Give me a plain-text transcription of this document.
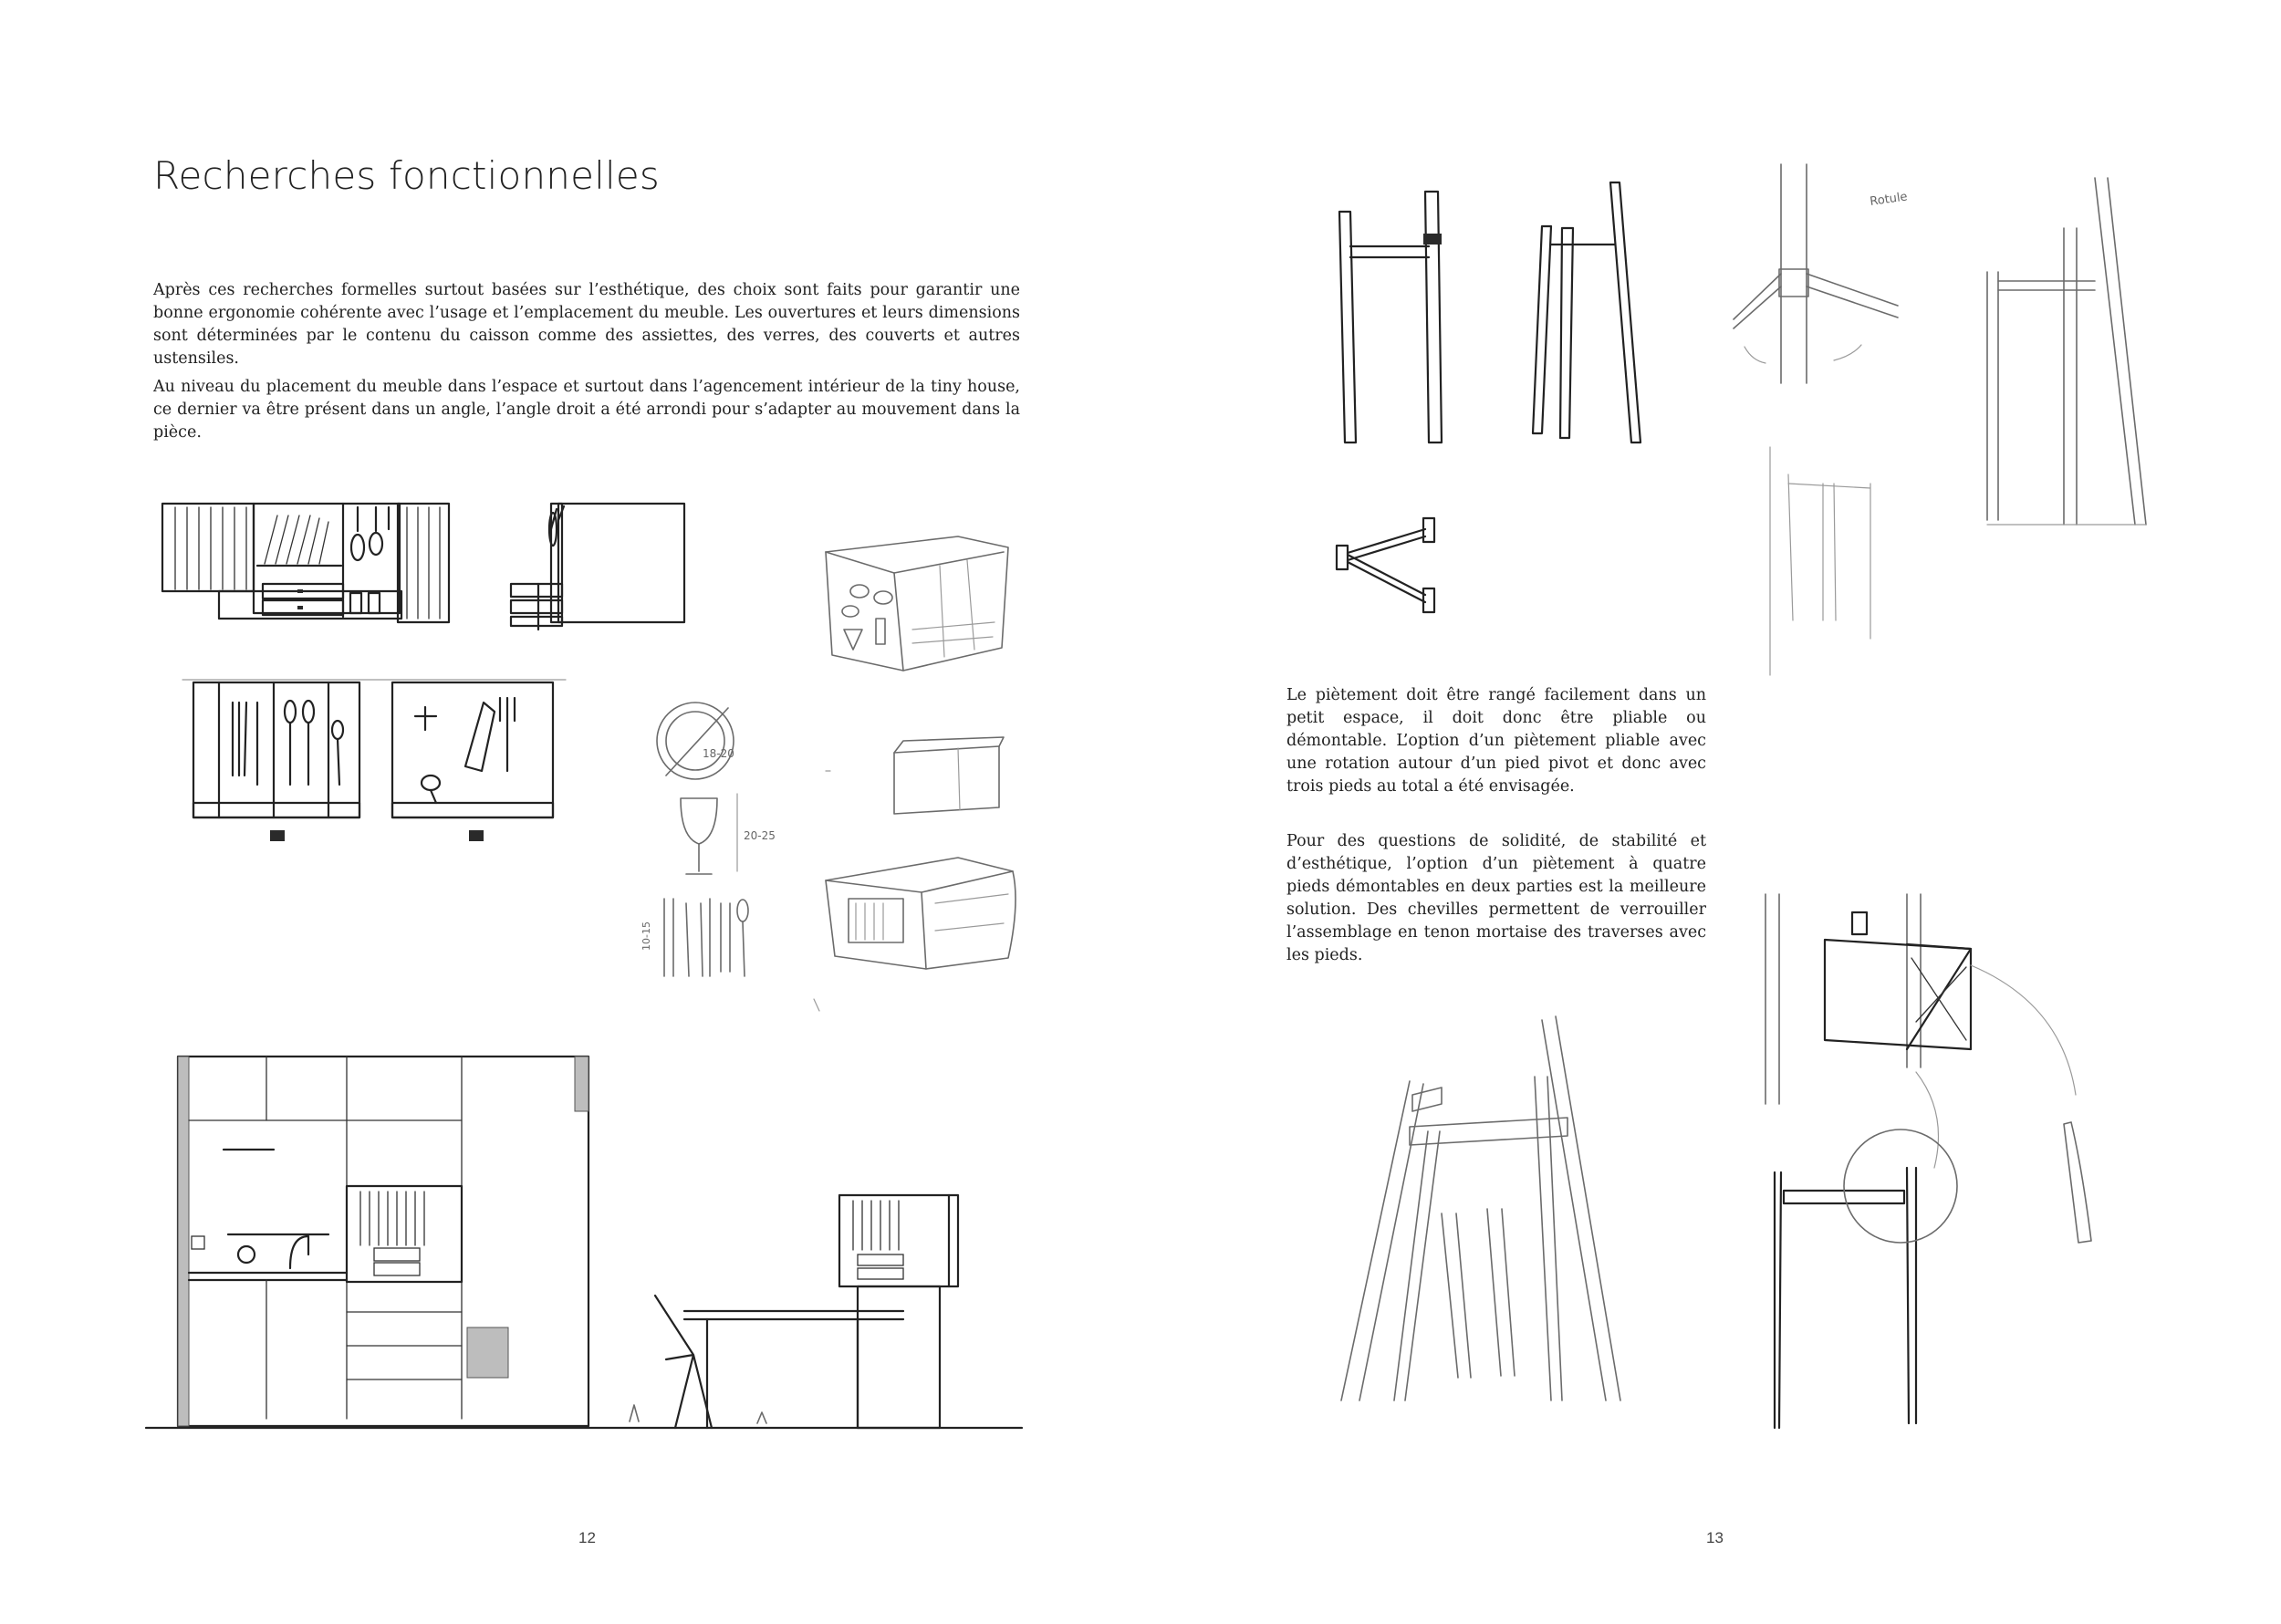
Recherches fonctionnelles
Après ces recherches formelles surtout basées sur l’esthétique, des choix sont faits pour garantir une bonne ergonomie cohérente avec l’usage et l’emplacement du meuble. Les ouvertures et leurs dimensions sont déterminées par le contenu du caisson comme des assiettes, des verres, des couverts et autres ustensiles.
Au niveau du placement du meuble dans l’espace et surtout dans l’agencement intérieur de la tiny house, ce dernier va être présent dans un angle, l’angle droit a été arrondi pour s’adapter au mouvement dans la pièce.
Le piètement doit être rangé facilement dans un petit espace, il doit donc être pliable ou démontable. L’option d’un piètement pliable avec une rotation autour d’un pied pivot et donc avec trois pieds au total a été envisagée.
Pour des questions de solidité, de stabilité et d’esthétique, l’option d’un piètement à quatre pieds démontables en deux parties est la meilleure solution. Des chevilles permettent de verrouiller l’assemblage en tenon mortaise des traverses avec les pieds.
12	13
18-20
20-25
10-15
Rotule
